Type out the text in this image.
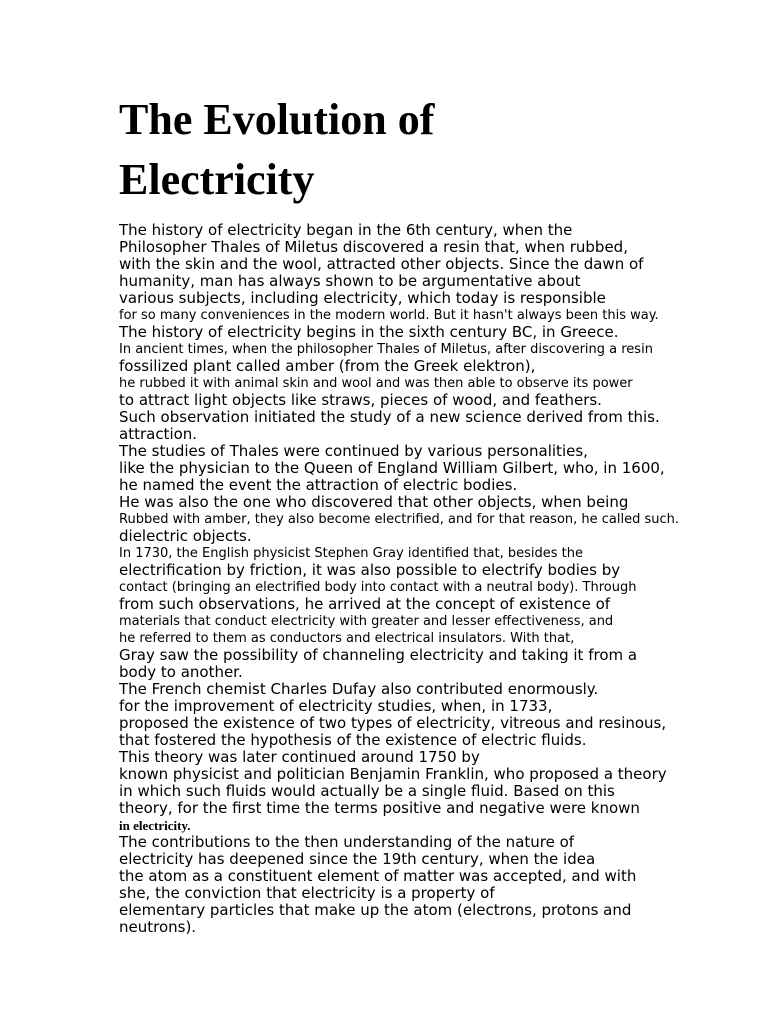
The Evolution of
Electricity
The history of electricity began in the 6th century, when the
Philosopher Thales of Miletus discovered a resin that, when rubbed,
with the skin and the wool, attracted other objects. Since the dawn of
humanity, man has always shown to be argumentative about
various subjects, including electricity, which today is responsible
for so many conveniences in the modern world. But it hasn't always been this way.
The history of electricity begins in the sixth century BC, in Greece.
In ancient times, when the philosopher Thales of Miletus, after discovering a resin
fossilized plant called amber (from the Greek elektron),
he rubbed it with animal skin and wool and was then able to observe its power
to attract light objects like straws, pieces of wood, and feathers.
Such observation initiated the study of a new science derived from this.
attraction.
The studies of Thales were continued by various personalities,
like the physician to the Queen of England William Gilbert, who, in 1600,
he named the event the attraction of electric bodies.
He was also the one who discovered that other objects, when being
Rubbed with amber, they also become electrified, and for that reason, he called such.
dielectric objects.
In 1730, the English physicist Stephen Gray identified that, besides the
electrification by friction, it was also possible to electrify bodies by
contact (bringing an electrified body into contact with a neutral body). Through
from such observations, he arrived at the concept of existence of
materials that conduct electricity with greater and lesser effectiveness, and
he referred to them as conductors and electrical insulators. With that,
Gray saw the possibility of channeling electricity and taking it from a
body to another.
The French chemist Charles Dufay also contributed enormously.
for the improvement of electricity studies, when, in 1733,
proposed the existence of two types of electricity, vitreous and resinous,
that fostered the hypothesis of the existence of electric fluids.
This theory was later continued around 1750 by
known physicist and politician Benjamin Franklin, who proposed a theory
in which such fluids would actually be a single fluid. Based on this
theory, for the first time the terms positive and negative were known
in electricity.
The contributions to the then understanding of the nature of
electricity has deepened since the 19th century, when the idea
the atom as a constituent element of matter was accepted, and with
she, the conviction that electricity is a property of
elementary particles that make up the atom (electrons, protons and
neutrons).
